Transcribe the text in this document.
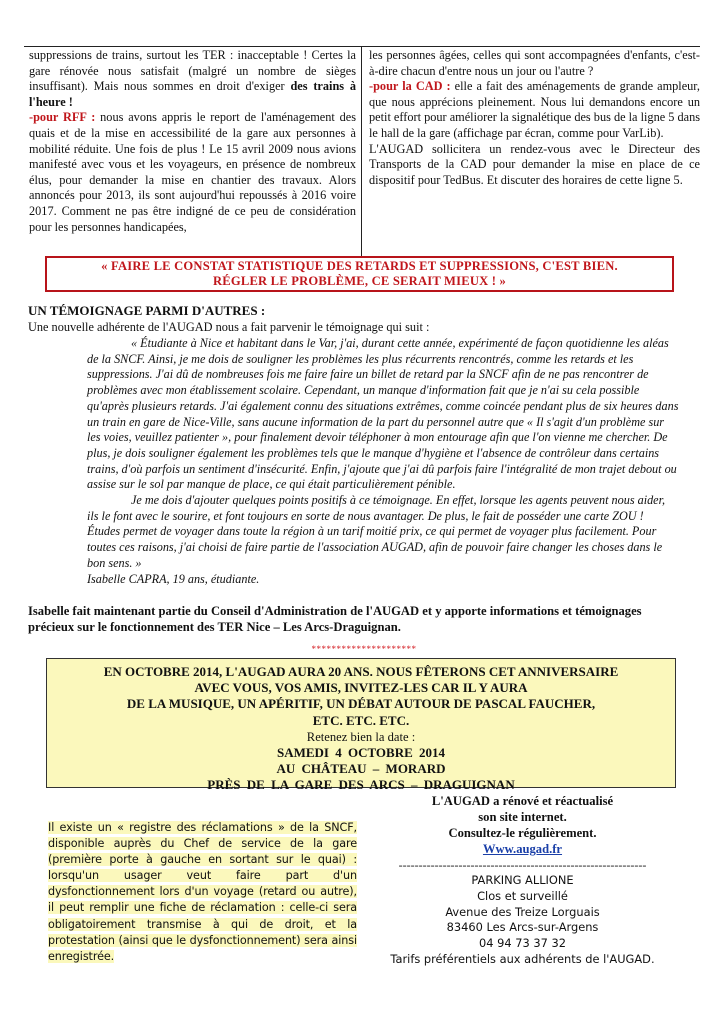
suppressions de trains, surtout les TER : inacceptable ! Certes la gare rénovée nous satisfait (malgré un nombre de sièges insuffisant). Mais nous sommes en droit d'exiger des trains à l'heure !

-pour RFF : nous avons appris le report de l'aménagement des quais et de la mise en accessibilité de la gare aux personnes à mobilité réduite. Une fois de plus ! Le 15 avril 2009 nous avions manifesté avec vous et les voyageurs, en présence de nombreux élus, pour demander la mise en chantier des travaux. Alors annoncés pour 2013, ils sont aujourd'hui repoussés à 2016 voire 2017. Comment ne pas être indigné de ce peu de considération pour les personnes handicapées,

les personnes âgées, celles qui sont accompagnées d'enfants, c'est-à-dire chacun d'entre nous un jour ou l'autre ?

-pour la CAD : elle a fait des aménagements de grande ampleur, que nous apprécions pleinement. Nous lui demandons encore un petit effort pour améliorer la signalétique des bus de la ligne 5 dans le hall de la gare (affichage par écran, comme pour VarLib).

L'AUGAD sollicitera un rendez-vous avec le Directeur des Transports de la CAD pour demander la mise en place de ce dispositif pour TedBus. Et discuter des horaires de cette ligne 5.

« FAIRE LE CONSTAT STATISTIQUE DES RETARDS ET SUPPRESSIONS, C'EST BIEN.
RÉGLER LE PROBLÈME, CE SERAIT MIEUX ! »
UN TÉMOIGNAGE PARMI D'AUTRES :
Une nouvelle adhérente de l'AUGAD nous a fait parvenir le témoignage qui suit :

« Étudiante à Nice et habitant dans le Var, j'ai, durant cette année, expérimenté de façon quotidienne les aléas de la SNCF. Ainsi, je me dois de souligner les problèmes les plus récurrents rencontrés, comme les retards et les suppressions. J'ai dû de nombreuses fois me faire faire un billet de retard par la SNCF afin de ne pas rencontrer de problèmes avec mon établissement scolaire. Cependant, un manque d'information fait que je n'ai su cela possible qu'après plusieurs retards. J'ai également connu des situations extrêmes, comme coincée pendant plus de six heures dans un train en gare de Nice-Ville, sans aucune information de la part du personnel autre que « Il s'agit d'un problème sur les voies, veuillez patienter », pour finalement devoir téléphoner à mon entourage afin que l'on vienne me chercher. De plus, je dois souligner également les problèmes tels que le manque d'hygiène et l'absence de contrôleur dans certains trains, d'où parfois un sentiment d'insécurité. Enfin, j'ajoute que j'ai dû parfois faire l'intégralité de mon trajet debout ou assise sur le sol par manque de place, ce qui était particulièrement pénible.

Je me dois d'ajouter quelques points positifs à ce témoignage. En effet, lorsque les agents peuvent nous aider, ils le font avec le sourire, et font toujours en sorte de nous avantager. De plus, le fait de posséder une carte ZOU ! Études permet de voyager dans toute la région à un tarif moitié prix, ce qui permet de voyager plus facilement. Pour toutes ces raisons, j'ai choisi de faire partie de l'association AUGAD, afin de pouvoir faire changer les choses dans le bon sens. »

Isabelle CAPRA, 19 ans, étudiante.

Isabelle fait maintenant partie du Conseil d'Administration de l'AUGAD et y apporte informations et témoignages précieux sur le fonctionnement des TER Nice – Les Arcs-Draguignan.
*********************
EN OCTOBRE 2014, L'AUGAD AURA 20 ANS. NOUS FÊTERONS CET ANNIVERSAIRE
AVEC VOUS, VOS AMIS, INVITEZ-LES CAR IL Y AURA
DE LA MUSIQUE, UN APÉRITIF, UN DÉBAT AUTOUR DE PASCAL FAUCHER,
ETC. ETC. ETC.
Retenez bien la date :
SAMEDI 4 OCTOBRE 2014
AU CHÂTEAU – MORARD
PRÈS DE LA GARE DES ARCS – DRAGUIGNAN
Il existe un « registre des réclamations » de la SNCF, disponible auprès du Chef de service de la gare (première porte à gauche en sortant sur le quai) : lorsqu'un usager veut faire part d'un dysfonctionnement lors d'un voyage (retard ou autre), il peut remplir une fiche de réclamation : celle-ci sera obligatoirement transmise à qui de droit, et la protestation (ainsi que le dysfonctionnement) sera ainsi enregistrée.
L'AUGAD a rénové et réactualisé
son site internet.
Consultez-le régulièrement.
Www.augad.fr
--------------------------------------------------------------
PARKING ALLIONE
Clos et surveillé
Avenue des Treize Lorguais
83460 Les Arcs-sur-Argens
04 94 73 37 32
Tarifs préférentiels aux adhérents de l'AUGAD.
